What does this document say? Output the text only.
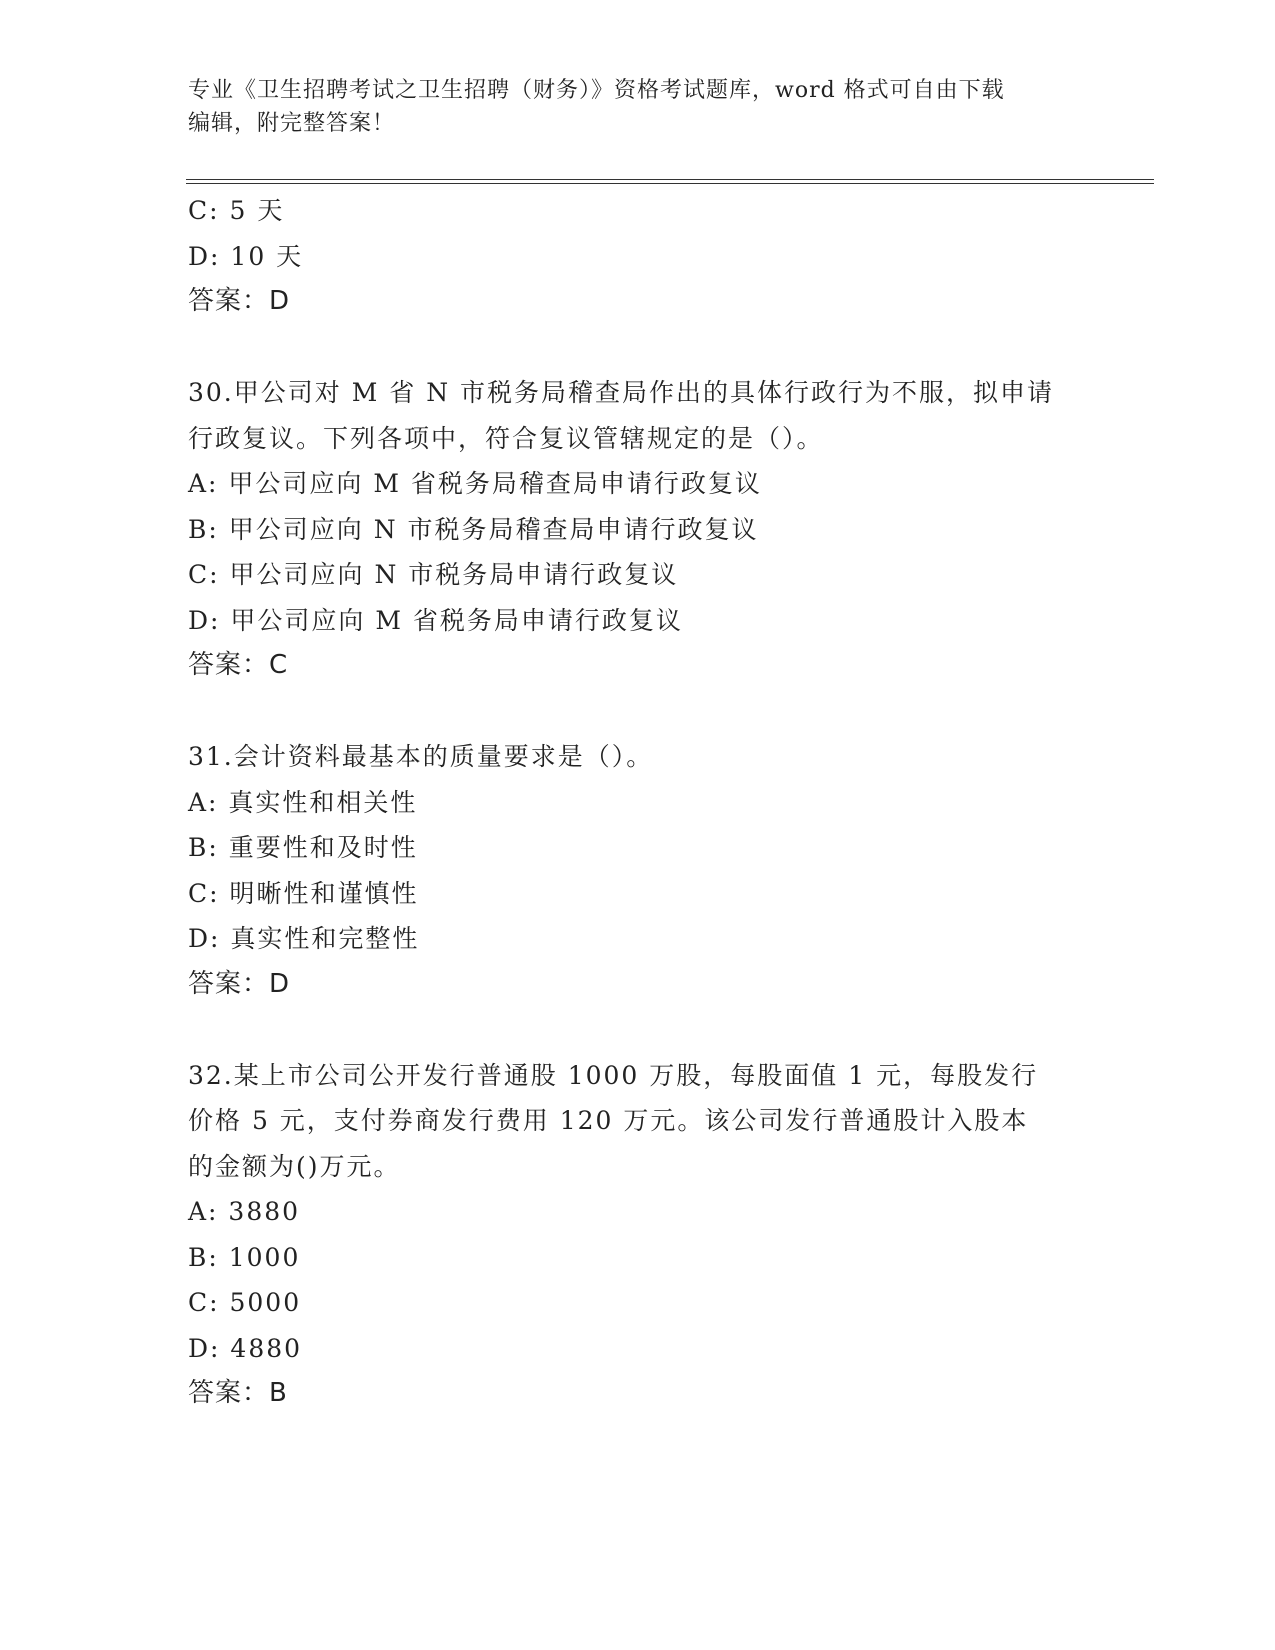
专业《卫生招聘考试之卫生招聘（财务）》资格考试题库，word 格式可自由下载
编辑，附完整答案！
C: 5 天
D: 10 天
答案：D
30.甲公司对 M 省 N 市税务局稽查局作出的具体行政行为不服，拟申请
行政复议。下列各项中，符合复议管辖规定的是（）。
A: 甲公司应向 M 省税务局稽查局申请行政复议
B: 甲公司应向 N 市税务局稽查局申请行政复议
C: 甲公司应向 N 市税务局申请行政复议
D: 甲公司应向 M 省税务局申请行政复议
答案：C
31.会计资料最基本的质量要求是（）。
A: 真实性和相关性
B: 重要性和及时性
C: 明晰性和谨慎性
D: 真实性和完整性
答案：D
32.某上市公司公开发行普通股 1000 万股，每股面值 1 元，每股发行
价格 5 元，支付券商发行费用 120 万元。该公司发行普通股计入股本
的金额为()万元。
A: 3880
B: 1000
C: 5000
D: 4880
答案：B
